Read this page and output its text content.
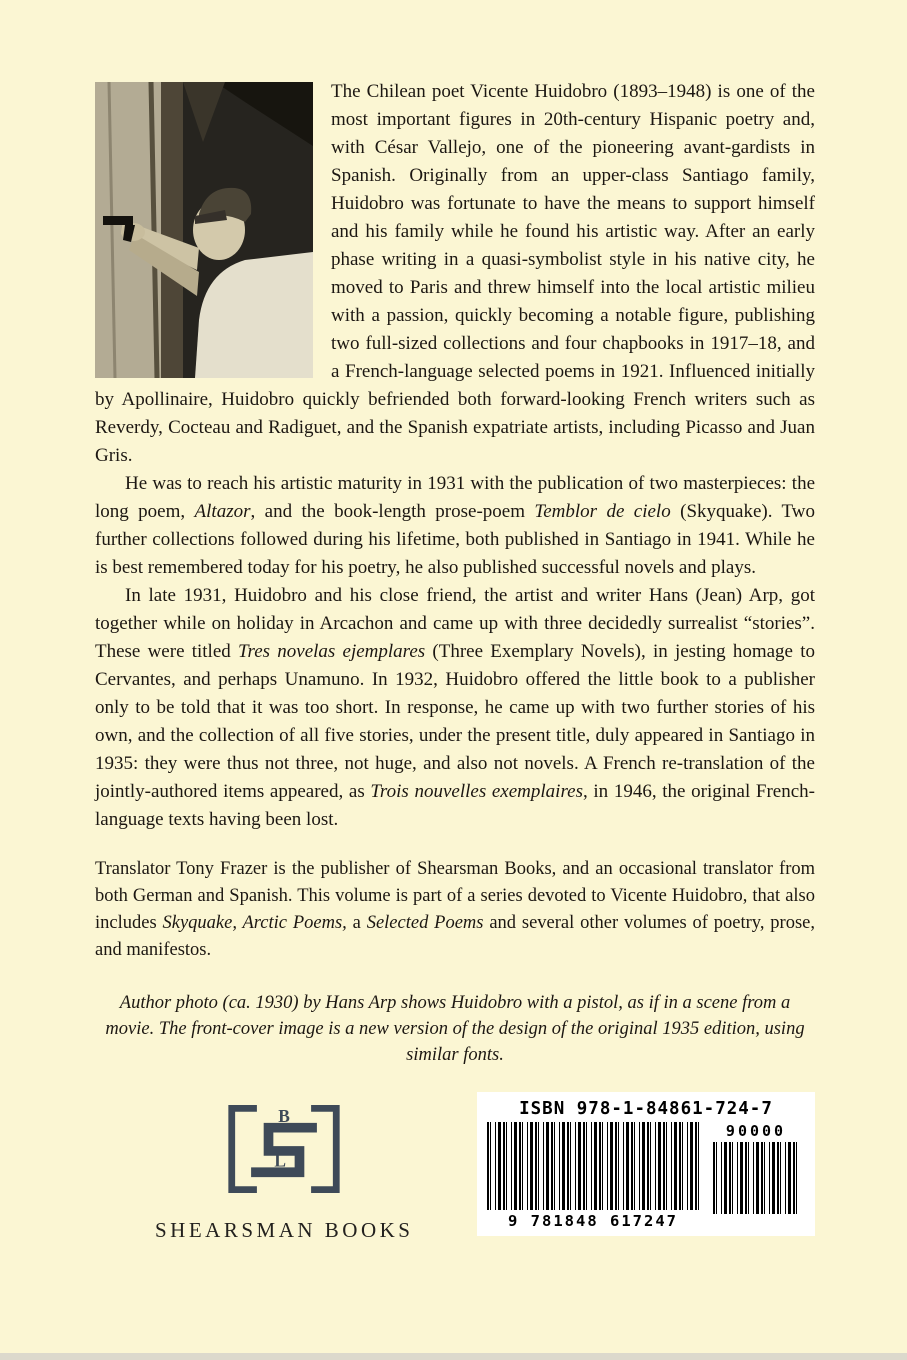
The Chilean poet Vicente Huidobro (1893–1948) is one of the most important figures in 20th-century Hispanic poetry and, with César Vallejo, one of the pioneering avant-gardists in Spanish. Originally from an upper-class Santiago family, Huidobro was fortunate to have the means to support himself and his family while he found his artistic way. After an early phase writing in a quasi-symbolist style in his native city, he moved to Paris and threw himself into the local artistic milieu with a passion, quickly becoming a notable figure, publishing two full-sized collections and four chapbooks in 1917–18, and a French-language selected poems in 1921. Influenced initially by Apollinaire, Huidobro quickly befriended both forward-looking French writers such as Reverdy, Cocteau and Radiguet, and the Spanish expatriate artists, including Picasso and Juan Gris.

He was to reach his artistic maturity in 1931 with the publication of two masterpieces: the long poem, Altazor, and the book-length prose-poem Temblor de cielo (Skyquake). Two further collections followed during his lifetime, both published in Santiago in 1941. While he is best remembered today for his poetry, he also published successful novels and plays.

In late 1931, Huidobro and his close friend, the artist and writer Hans (Jean) Arp, got together while on holiday in Arcachon and came up with three decidedly surrealist “stories”. These were titled Tres novelas ejemplares (Three Exemplary Novels), in jesting homage to Cervantes, and perhaps Unamuno. In 1932, Huidobro offered the little book to a publisher only to be told that it was too short. In response, he came up with two further stories of his own, and the collection of all five stories, under the present title, duly appeared in Santiago in 1935: they were thus not three, not huge, and also not novels. A French re-translation of the jointly-authored items appeared, as Trois nouvelles exemplaires, in 1946, the original French-language texts having been lost.

Translator Tony Frazer is the publisher of Shearsman Books, and an occasional translator from both German and Spanish. This volume is part of a series devoted to Vicente Huidobro, that also includes Skyquake, Arctic Poems, a Selected Poems and several other volumes of poetry, prose, and manifestos.

Author photo (ca. 1930) by Hans Arp shows Huidobro with a pistol, as if in a scene from a movie. The front-cover image is a new version of the design of the original 1935 edition, using similar fonts.

B
L
SHEARSMAN BOOKS
ISBN 978-1-84861-724-7
9 781848 617247
90000
